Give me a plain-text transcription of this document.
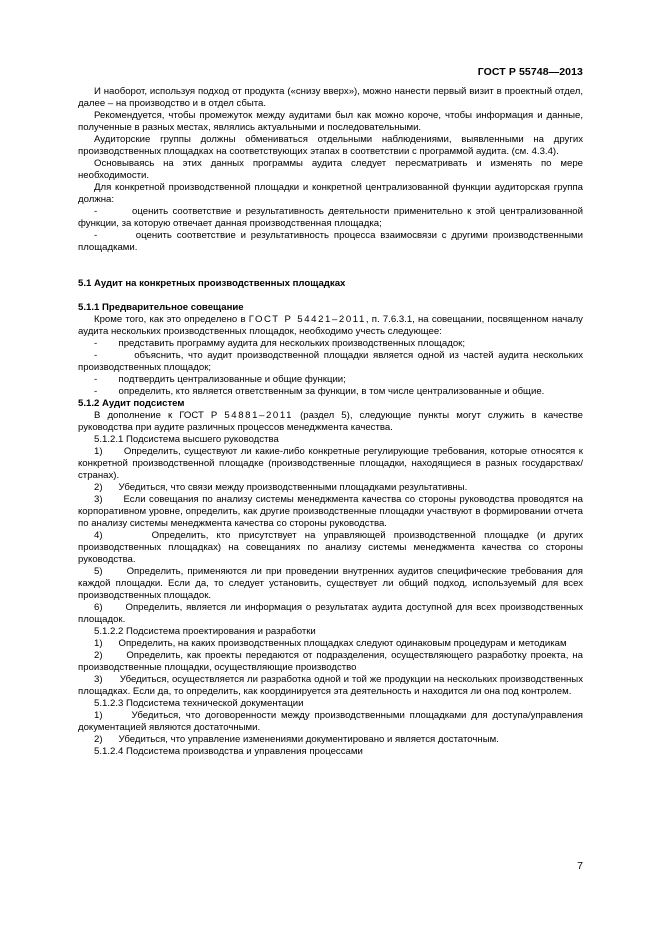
ГОСТ Р 55748—2013

И наоборот, используя подход от продукта («снизу вверх»), можно нанести первый визит в проектный отдел, далее – на производство и в отдел сбыта.

Рекомендуется, чтобы промежуток между аудитами был как можно короче, чтобы информация и данные, полученные в разных местах, являлись актуальными и последовательными.

Аудиторские группы должны обмениваться отдельными наблюдениями, выявленными на других производственных площадках на соответствующих этапах в соответствии с программой аудита. (см. 4.3.4).

Основываясь на этих данных программы аудита следует пересматривать и изменять по мере необходимости.

Для конкретной производственной площадки и конкретной централизованной функции аудиторская группа должна:

-        оценить соответствие и результативность деятельности применительно к этой централизованной функции, за которую отвечает данная производственная площадка;

-        оценить соответствие и результативность процесса взаимосвязи с другими производственными площадками.

5.1 Аудит на конкретных производственных площадках

5.1.1 Предварительное совещание

Кроме того, как это определено в ГОСТ Р 54421–2011, п. 7.6.3.1, на совещании, посвященном началу аудита нескольких производственных площадок, необходимо учесть следующее:

-        представить программу аудита для нескольких производственных площадок;

-        объяснить, что аудит производственной площадки является одной из частей аудита нескольких производственных площадок;

-        подтвердить централизованные и общие функции;

-        определить, кто является ответственным за функции, в том числе централизованные и общие.

5.1.2 Аудит подсистем

В дополнение к ГОСТ Р 54881–2011 (раздел 5), следующие пункты могут служить в качестве руководства при аудите различных процессов менеджмента качества.

5.1.2.1 Подсистема высшего руководства

1)      Определить, существуют ли какие-либо конкретные регулирующие требования, которые относятся к конкретной производственной площадке (производственные площадки, находящиеся в разных государствах/странах).

2)      Убедиться, что связи между производственными площадками результативны.

3)      Если совещания по анализу системы менеджмента качества со стороны руководства проводятся на корпоративном уровне, определить, как другие производственные площадки участвуют в формировании отчета по анализу системы менеджмента качества со стороны руководства.

4)      Определить, кто присутствует на управляющей производственной площадке (и других производственных площадках) на совещаниях по анализу системы менеджмента качества со стороны руководства.

5)      Определить, применяются ли при проведении внутренних аудитов специфические требования для каждой площадки. Если да, то следует установить, существует ли общий подход, используемый для всех производственных площадок.

6)      Определить, является ли информация о результатах аудита доступной для всех производственных площадок.

5.1.2.2 Подсистема проектирования и разработки

1)      Определить, на каких производственных площадках следуют одинаковым процедурам и методикам

2)      Определить, как проекты передаются от подразделения, осуществляющего разработку проекта, на производственные площадки, осуществляющие производство

3)      Убедиться, осуществляется ли разработка одной и той же продукции на нескольких производственных площадках. Если да, то определить, как координируется эта деятельность и находится ли она под контролем.

5.1.2.3 Подсистема технической документации

1)      Убедиться, что договоренности между производственными площадками для доступа/управления документацией являются достаточными.

2)      Убедиться, что управление изменениями документировано и является достаточным.

5.1.2.4 Подсистема производства и управления процессами

7
